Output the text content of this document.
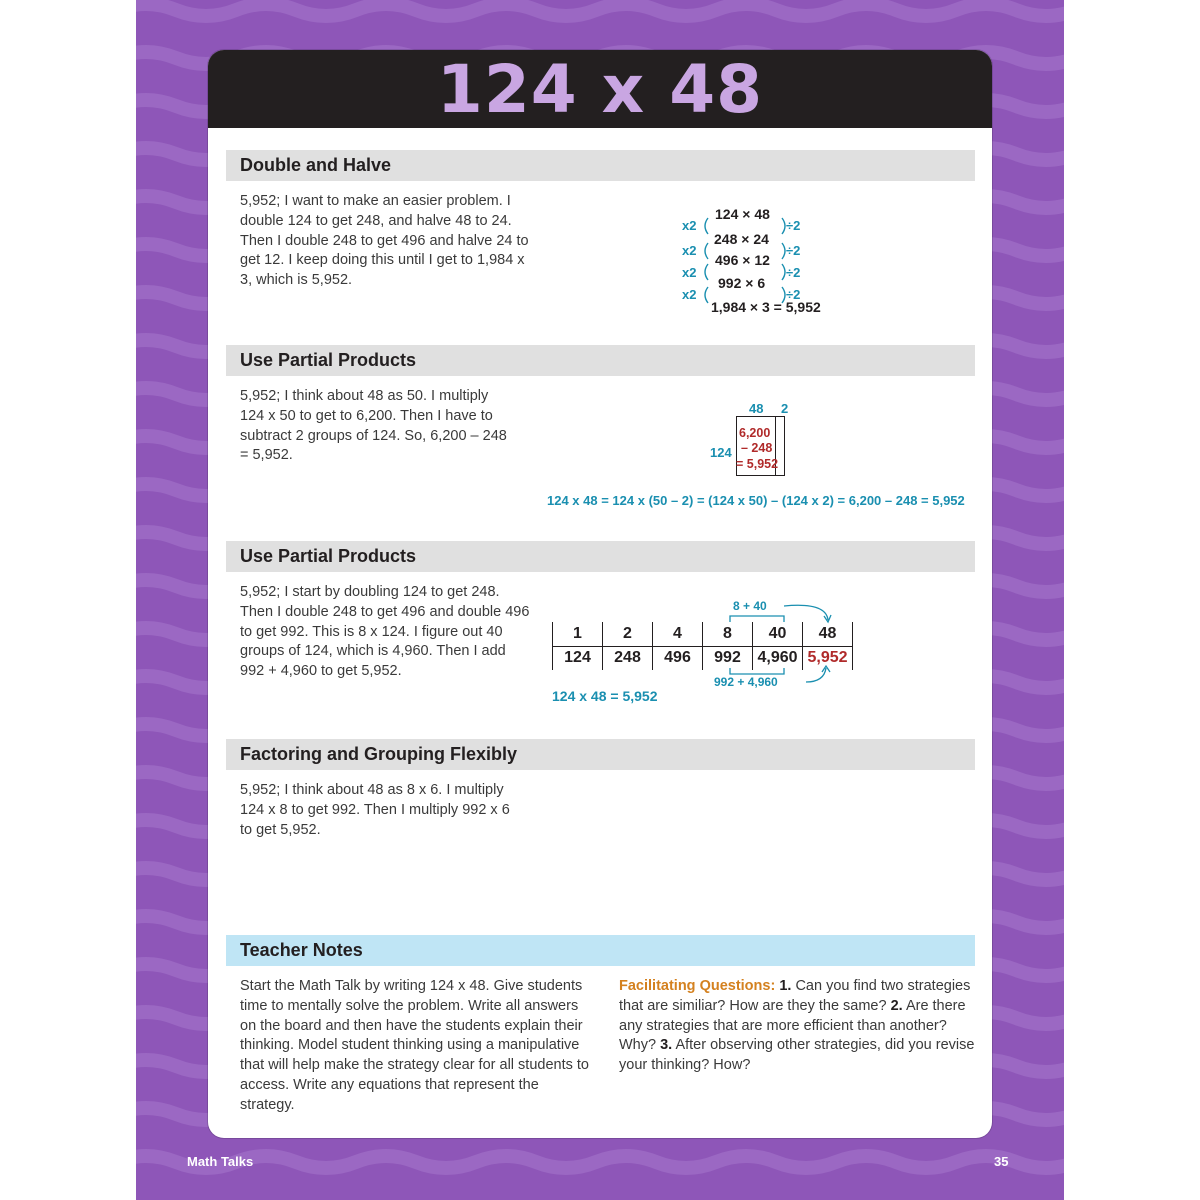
124 x 48
Double and Halve
5,952; I want to make an easier problem. I double 124 to get 248, and halve 48 to 24. Then I double 248 to get 496 and halve 24 to get 12. I keep doing this until I get to 1,984 x 3, which is 5,952.
124 × 48
248 × 24
496 × 12
992 × 6
1,984 × 3 = 5,952
x2
x2
x2
x2
÷2
÷2
÷2
÷2
Use Partial Products
5,952; I think about 48 as 50. I multiply 124 x 50 to get to 6,200. Then I have to subtract 2 groups of 124. So, 6,200 – 248 = 5,952.
48 2
124
6,200
– 248
= 5,952
124 x 48 = 124 x (50 – 2) = (124 x 50) – (124 x 2) = 6,200 – 248 = 5,952
Use Partial Products
5,952; I start by doubling 124 to get 248. Then I double 248 to get 496 and double 496 to get 992. This is 8 x 124. I figure out 40 groups of 124, which is 4,960. Then I add 992 + 4,960 to get 5,952.
8 + 40
1	2	4	8	40	48
124	248	496	992	4,960	5,952
992 + 4,960
124 x 48 = 5,952
Factoring and Grouping Flexibly
5,952; I think about 48 as 8 x 6. I multiply 124 x 8 to get 992. Then I multiply 992 x 6 to get 5,952.
Teacher Notes
Start the Math Talk by writing 124 x 48. Give students time to mentally solve the problem. Write all answers on the board and then have the students explain their thinking. Model student thinking using a manipulative that will help make the strategy clear for all students to access. Write any equations that represent the strategy.
Facilitating Questions: 1. Can you find two strategies that are similiar? How are they the same? 2. Are there any strategies that are more efficient than another? Why? 3. After observing other strategies, did you revise your thinking? How?
Math Talks	35
